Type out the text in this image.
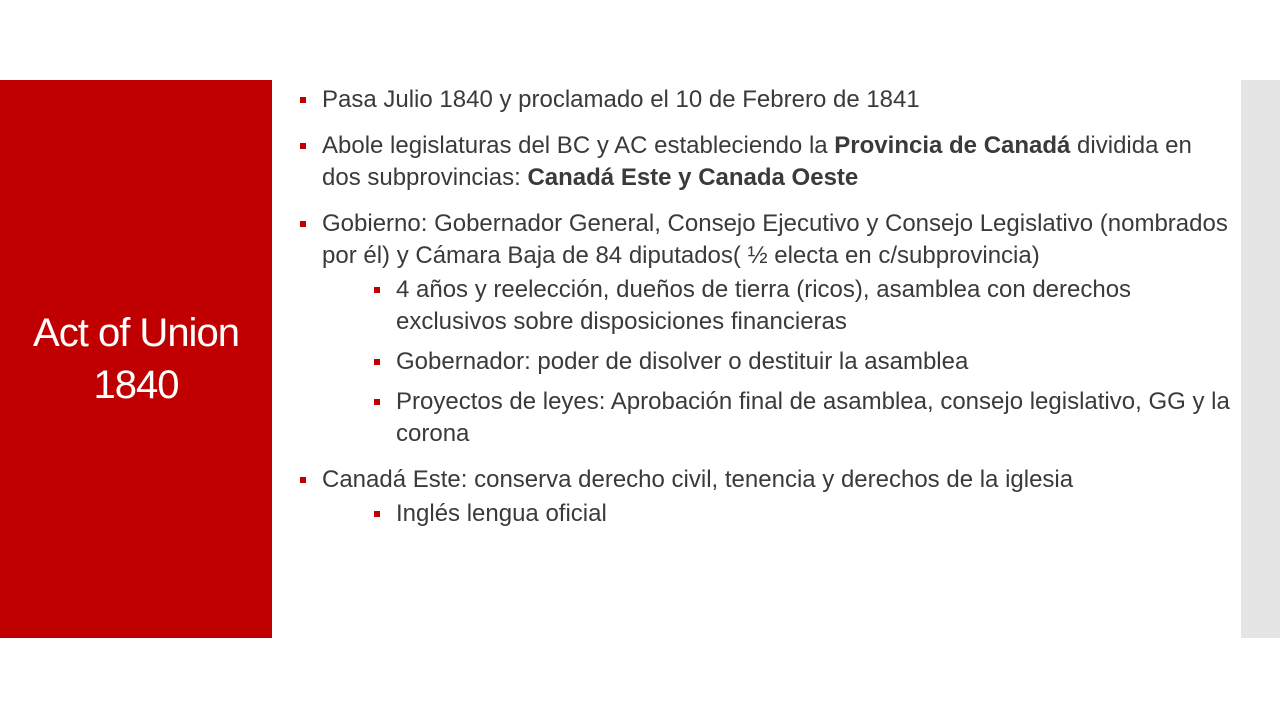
Act of Union 1840
Pasa Julio 1840 y proclamado el 10 de Febrero de 1841
Abole legislaturas del BC y AC estableciendo la Provincia de Canadá dividida en dos subprovincias: Canadá Este y Canada Oeste
Gobierno: Gobernador General, Consejo Ejecutivo y Consejo Legislativo (nombrados por él) y Cámara Baja de 84 diputados( ½ electa en c/subprovincia)
4 años y reelección, dueños de tierra (ricos), asamblea con derechos exclusivos sobre disposiciones financieras
Gobernador: poder de disolver o destituir la asamblea
Proyectos de leyes: Aprobación final de asamblea, consejo legislativo, GG y la corona
Canadá Este: conserva derecho civil, tenencia y derechos de la iglesia
Inglés lengua oficial
